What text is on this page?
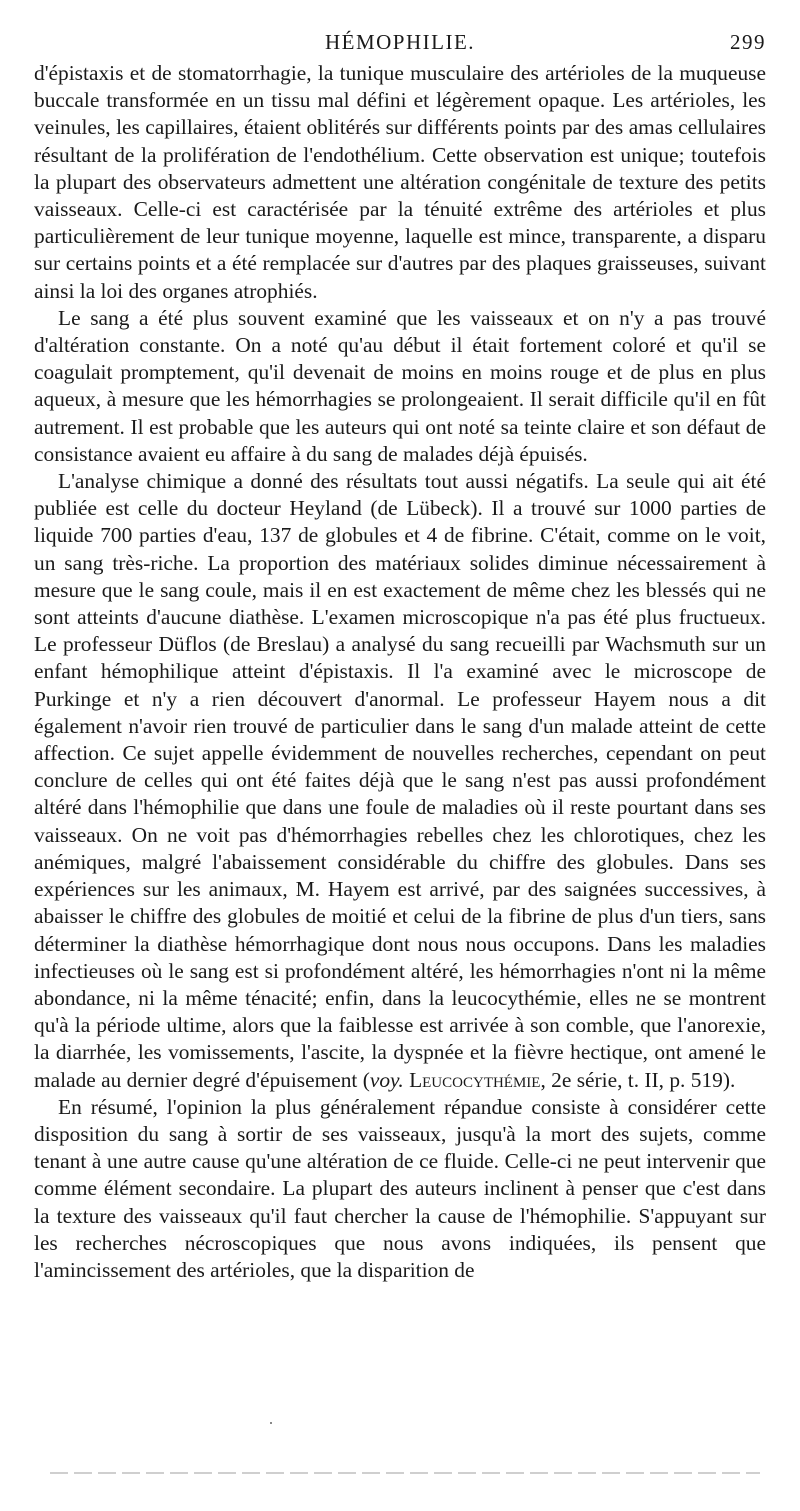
HÉMOPHILIE.	299

d'épistaxis et de stomatorrhagie, la tunique musculaire des artérioles de la muqueuse buccale transformée en un tissu mal défini et légèrement opaque. Les artérioles, les veinules, les capillaires, étaient oblitérés sur différents points par des amas cellulaires résultant de la prolifération de l'endothélium. Cette observation est unique; toutefois la plupart des observateurs admettent une altération congénitale de texture des petits vaisseaux. Celle-ci est caractérisée par la ténuité extrême des artérioles et plus particulièrement de leur tunique moyenne, laquelle est mince, transparente, a disparu sur certains points et a été remplacée sur d'autres par des plaques graisseuses, suivant ainsi la loi des organes atrophiés.

Le sang a été plus souvent examiné que les vaisseaux et on n'y a pas trouvé d'altération constante. On a noté qu'au début il était fortement coloré et qu'il se coagulait promptement, qu'il devenait de moins en moins rouge et de plus en plus aqueux, à mesure que les hémorrhagies se prolongeaient. Il serait difficile qu'il en fût autrement. Il est probable que les auteurs qui ont noté sa teinte claire et son défaut de consistance avaient eu affaire à du sang de malades déjà épuisés.

L'analyse chimique a donné des résultats tout aussi négatifs. La seule qui ait été publiée est celle du docteur Heyland (de Lübeck). Il a trouvé sur 1000 parties de liquide 700 parties d'eau, 137 de globules et 4 de fibrine. C'était, comme on le voit, un sang très-riche. La proportion des matériaux solides diminue nécessairement à mesure que le sang coule, mais il en est exactement de même chez les blessés qui ne sont atteints d'aucune diathèse. L'examen microscopique n'a pas été plus fructueux. Le professeur Düflos (de Breslau) a analysé du sang recueilli par Wachsmuth sur un enfant hémophilique atteint d'épistaxis. Il l'a examiné avec le microscope de Purkinge et n'y a rien découvert d'anormal. Le professeur Hayem nous a dit également n'avoir rien trouvé de particulier dans le sang d'un malade atteint de cette affection. Ce sujet appelle évidemment de nouvelles recherches, cependant on peut conclure de celles qui ont été faites déjà que le sang n'est pas aussi profondément altéré dans l'hémophilie que dans une foule de maladies où il reste pourtant dans ses vaisseaux. On ne voit pas d'hémorrhagies rebelles chez les chlorotiques, chez les anémiques, malgré l'abaissement considérable du chiffre des globules. Dans ses expériences sur les animaux, M. Hayem est arrivé, par des saignées successives, à abaisser le chiffre des globules de moitié et celui de la fibrine de plus d'un tiers, sans déterminer la diathèse hémorrhagique dont nous nous occupons. Dans les maladies infectieuses où le sang est si profondément altéré, les hémorrhagies n'ont ni la même abondance, ni la même ténacité; enfin, dans la leucocythémie, elles ne se montrent qu'à la période ultime, alors que la faiblesse est arrivée à son comble, que l'anorexie, la diarrhée, les vomissements, l'ascite, la dyspnée et la fièvre hectique, ont amené le malade au dernier degré d'épuisement (voy. Leucocythémie, 2e série, t. II, p. 519).

En résumé, l'opinion la plus généralement répandue consiste à considérer cette disposition du sang à sortir de ses vaisseaux, jusqu'à la mort des sujets, comme tenant à une autre cause qu'une altération de ce fluide. Celle-ci ne peut intervenir que comme élément secondaire. La plupart des auteurs inclinent à penser que c'est dans la texture des vaisseaux qu'il faut chercher la cause de l'hémophilie. S'appuyant sur les recherches nécroscopiques que nous avons indiquées, ils pensent que l'amincissement des artérioles, que la disparition de
